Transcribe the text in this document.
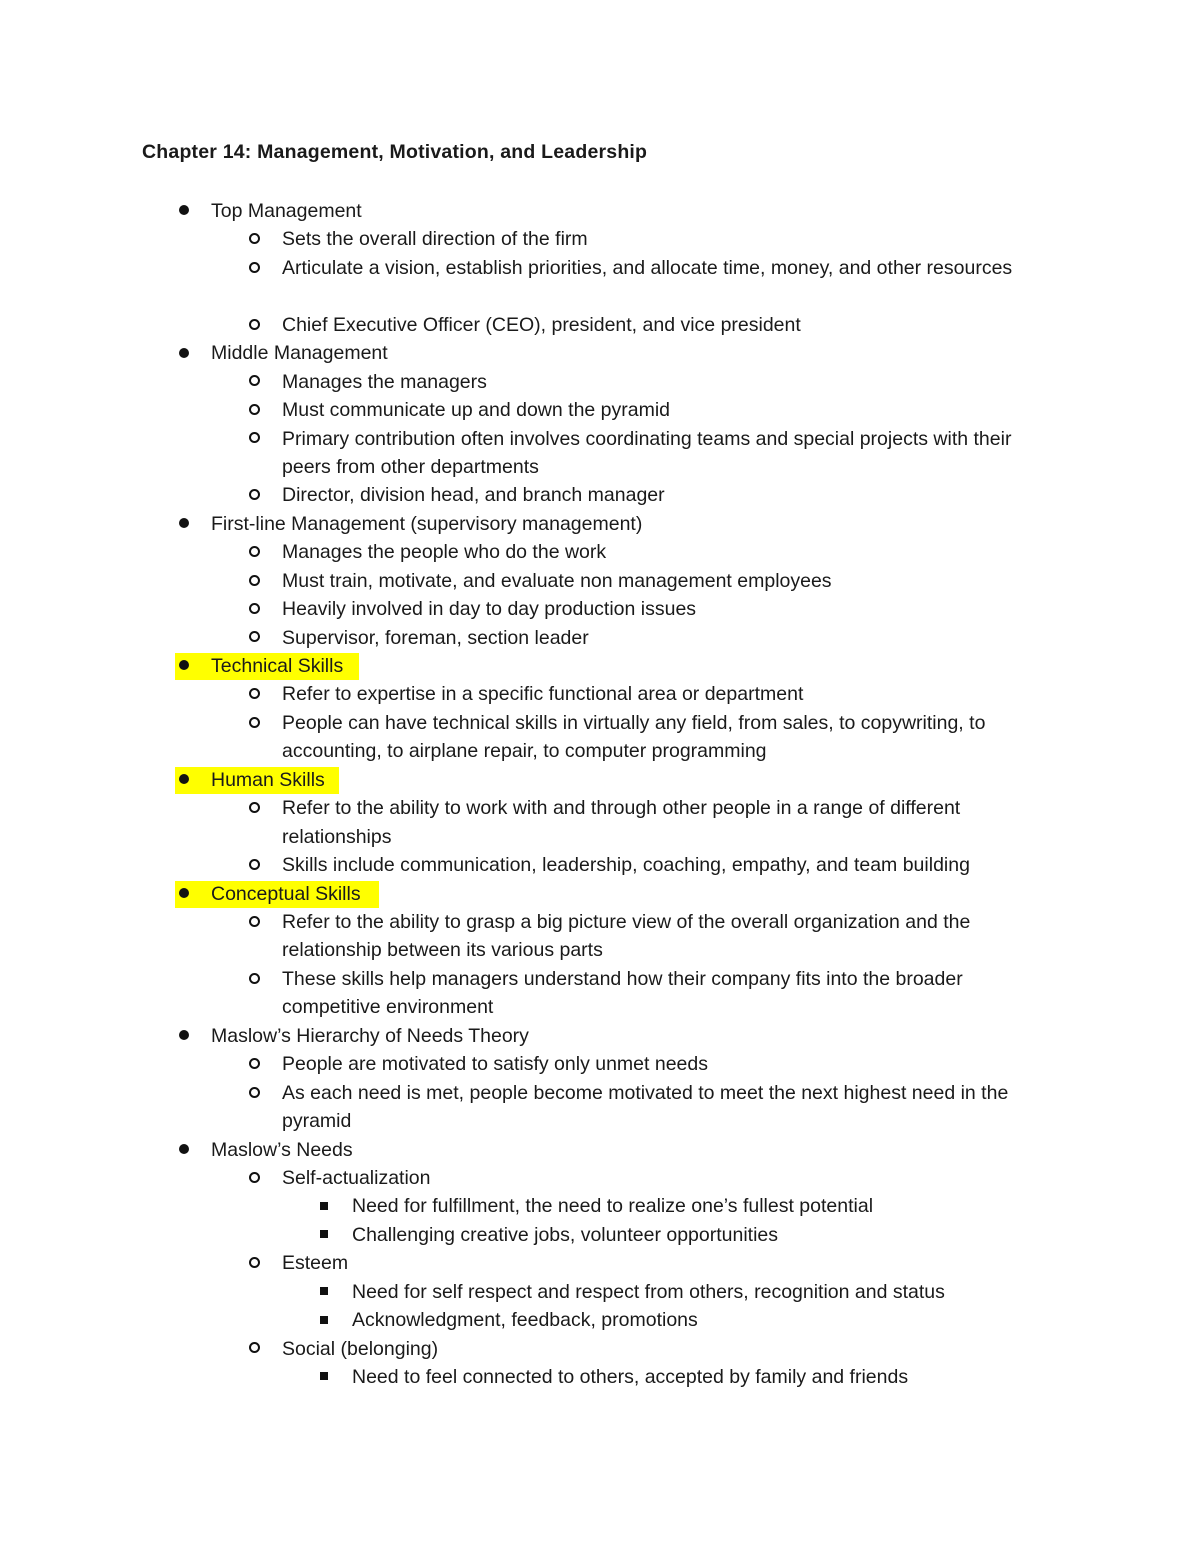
Chapter 14: Management, Motivation, and Leadership
Top Management
Sets the overall direction of the firm
Articulate a vision, establish priorities, and allocate time, money, and other resources
Chief Executive Officer (CEO), president, and vice president
Middle Management
Manages the managers
Must communicate up and down the pyramid
Primary contribution often involves coordinating teams and special projects with their peers from other departments
Director, division head, and branch manager
First-line Management (supervisory management)
Manages the people who do the work
Must train, motivate, and evaluate non management employees
Heavily involved in day to day production issues
Supervisor, foreman, section leader
Technical Skills
Refer to expertise in a specific functional area or department
People can have technical skills in virtually any field, from sales, to copywriting, to accounting, to airplane repair, to computer programming
Human Skills
Refer to the ability to work with and through other people in a range of different relationships
Skills include communication, leadership, coaching, empathy, and team building
Conceptual Skills
Refer to the ability to grasp a big picture view of the overall organization and the relationship between its various parts
These skills help managers understand how their company fits into the broader competitive environment
Maslow’s Hierarchy of Needs Theory
People are motivated to satisfy only unmet needs
As each need is met, people become motivated to meet the next highest need in the pyramid
Maslow’s Needs
Self-actualization
Need for fulfillment, the need to realize one’s fullest potential
Challenging creative jobs, volunteer opportunities
Esteem
Need for self respect and respect from others, recognition and status
Acknowledgment, feedback, promotions
Social (belonging)
Need to feel connected to others, accepted by family and friends
